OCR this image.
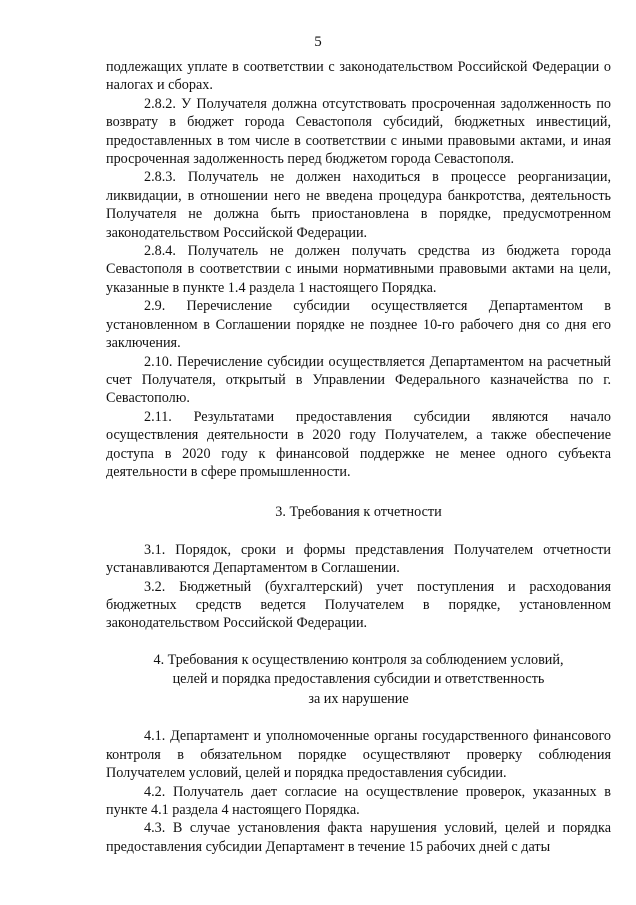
5

подлежащих уплате в соответствии с законодательством Российской Федерации о налогах и сборах.

2.8.2. У Получателя должна отсутствовать просроченная задолженность по возврату в бюджет города Севастополя субсидий, бюджетных инвестиций, предоставленных в том числе в соответствии с иными правовыми актами, и иная просроченная задолженность перед бюджетом города Севастополя.

2.8.3. Получатель не должен находиться в процессе реорганизации, ликвидации, в отношении него не введена процедура банкротства, деятельность Получателя не должна быть приостановлена в порядке, предусмотренном законодательством Российской Федерации.

2.8.4. Получатель не должен получать средства из бюджета города Севастополя в соответствии с иными нормативными правовыми актами на цели, указанные в пункте 1.4 раздела 1 настоящего Порядка.

2.9. Перечисление субсидии осуществляется Департаментом в установленном в Соглашении порядке не позднее 10-го рабочего дня со дня его заключения.

2.10. Перечисление субсидии осуществляется Департаментом на расчетный счет Получателя, открытый в Управлении Федерального казначейства по г. Севастополю.

2.11. Результатами предоставления субсидии являются начало осуществления деятельности в 2020 году Получателем, а также обеспечение доступа в 2020 году к финансовой поддержке не менее одного субъекта деятельности в сфере промышленности.

3. Требования к отчетности

3.1. Порядок, сроки и формы представления Получателем отчетности устанавливаются Департаментом в Соглашении.

3.2. Бюджетный (бухгалтерский) учет поступления и расходования бюджетных средств ведется Получателем в порядке, установленном законодательством Российской Федерации.

4. Требования к осуществлению контроля за соблюдением условий,

целей и порядка предоставления субсидии и ответственность

за их нарушение

4.1. Департамент и уполномоченные органы государственного финансового контроля в обязательном порядке осуществляют проверку соблюдения Получателем условий, целей и порядка предоставления субсидии.

4.2. Получатель дает согласие на осуществление проверок, указанных в пункте 4.1 раздела 4 настоящего Порядка.

4.3. В случае установления факта нарушения условий, целей и порядка предоставления субсидии Департамент в течение 15 рабочих дней с даты
